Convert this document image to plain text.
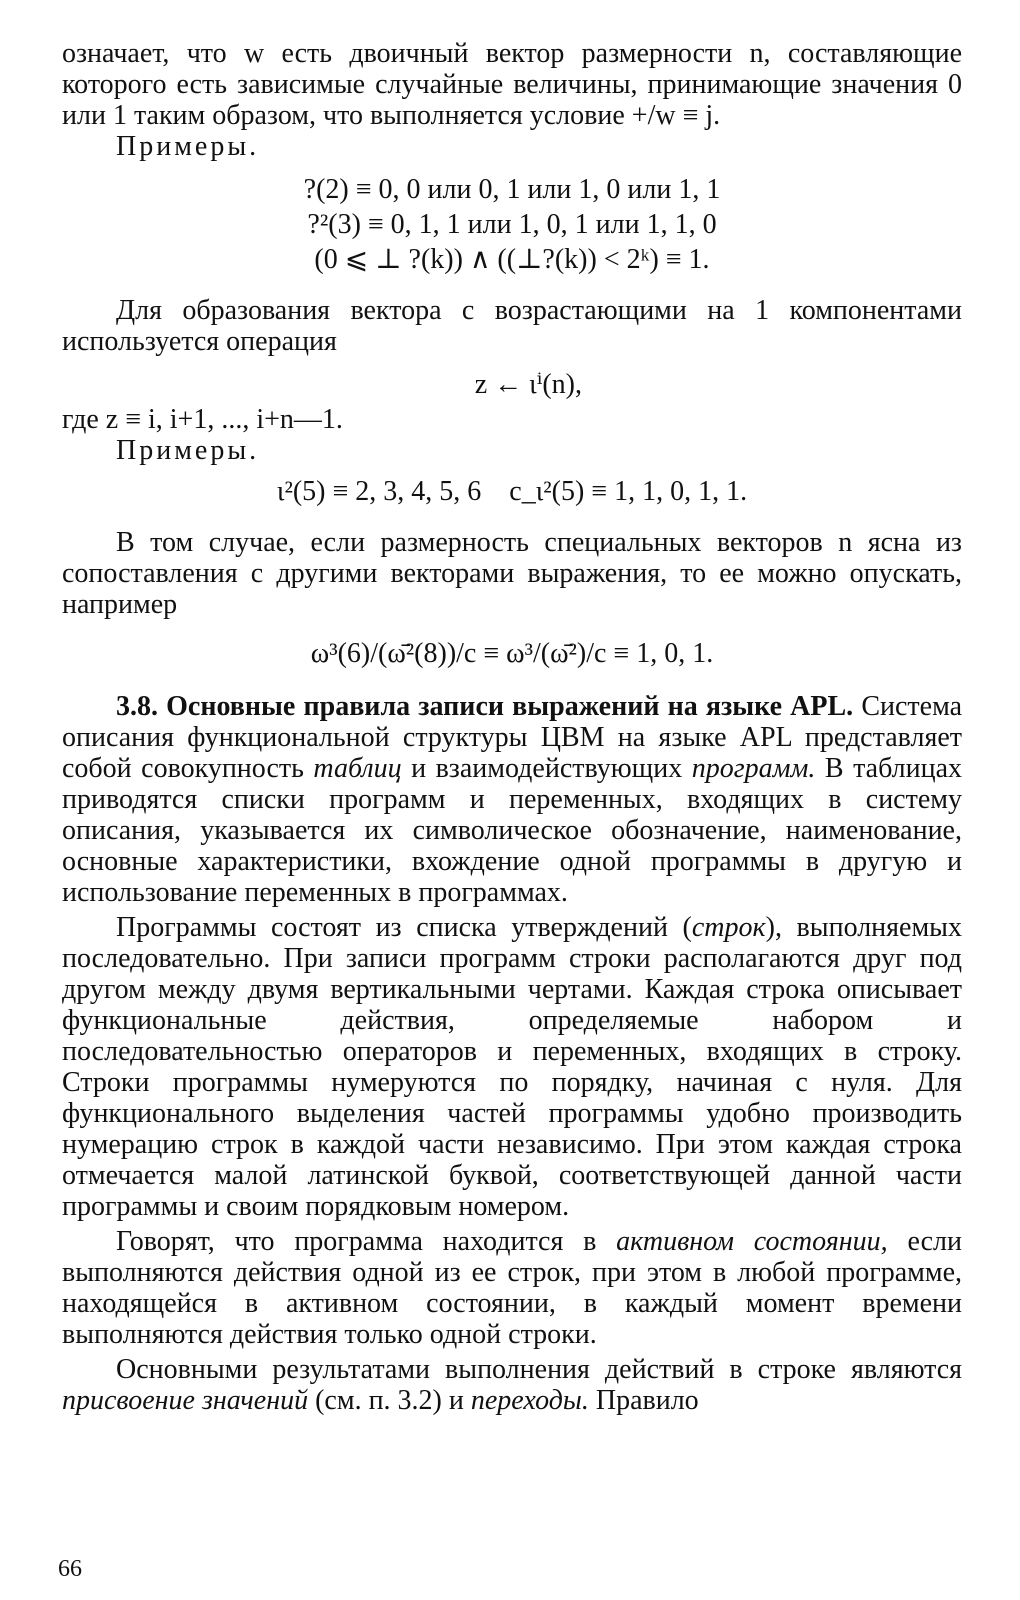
означает, что w есть двоичный вектор размерности n, составляющие которого есть зависимые случайные величины, принимающие значения 0 или 1 таким образом, что выполняется условие +/w ≡ j.

Примеры.

?(2) ≡ 0, 0 или 0, 1 или 1, 0 или 1, 1
?²(3) ≡ 0, 1, 1 или 1, 0, 1 или 1, 1, 0
(0 ⩽ ⊥ ?(k)) ∧ ((⊥?(k)) < 2ᵏ) ≡ 1.

Для образования вектора с возрастающими на 1 компонентами используется операция

z ← ιⁱ(n),

где z ≡ i, i+1, ..., i+n—1.

Примеры.

ι²(5) ≡ 2, 3, 4, 5, 6    c_ι²(5) ≡ 1, 1, 0, 1, 1.

В том случае, если размерность специальных векторов n ясна из сопоставления с другими векторами выражения, то ее можно опускать, например

ω³(6)/(ω̄²(8))/c ≡ ω³/(ω̄²)/c ≡ 1, 0, 1.

3.8. Основные правила записи выражений на языке APL. Система описания функциональной структуры ЦВМ на языке APL представляет собой совокупность таблиц и взаимодействующих программ. В таблицах приводятся списки программ и переменных, входящих в систему описания, указывается их символическое обозначение, наименование, основные характеристики, вхождение одной программы в другую и использование переменных в программах.

Программы состоят из списка утверждений (строк), выполняемых последовательно. При записи программ строки располагаются друг под другом между двумя вертикальными чертами. Каждая строка описывает функциональные действия, определяемые набором и последовательностью операторов и переменных, входящих в строку. Строки программы нумеруются по порядку, начиная с нуля. Для функционального выделения частей программы удобно производить нумерацию строк в каждой части независимо. При этом каждая строка отмечается малой латинской буквой, соответствующей данной части программы и своим порядковым номером.

Говорят, что программа находится в активном состоянии, если выполняются действия одной из ее строк, при этом в любой программе, находящейся в активном состоянии, в каждый момент времени выполняются действия только одной строки.

Основными результатами выполнения действий в строке являются присвоение значений (см. п. 3.2) и переходы. Правило

66
